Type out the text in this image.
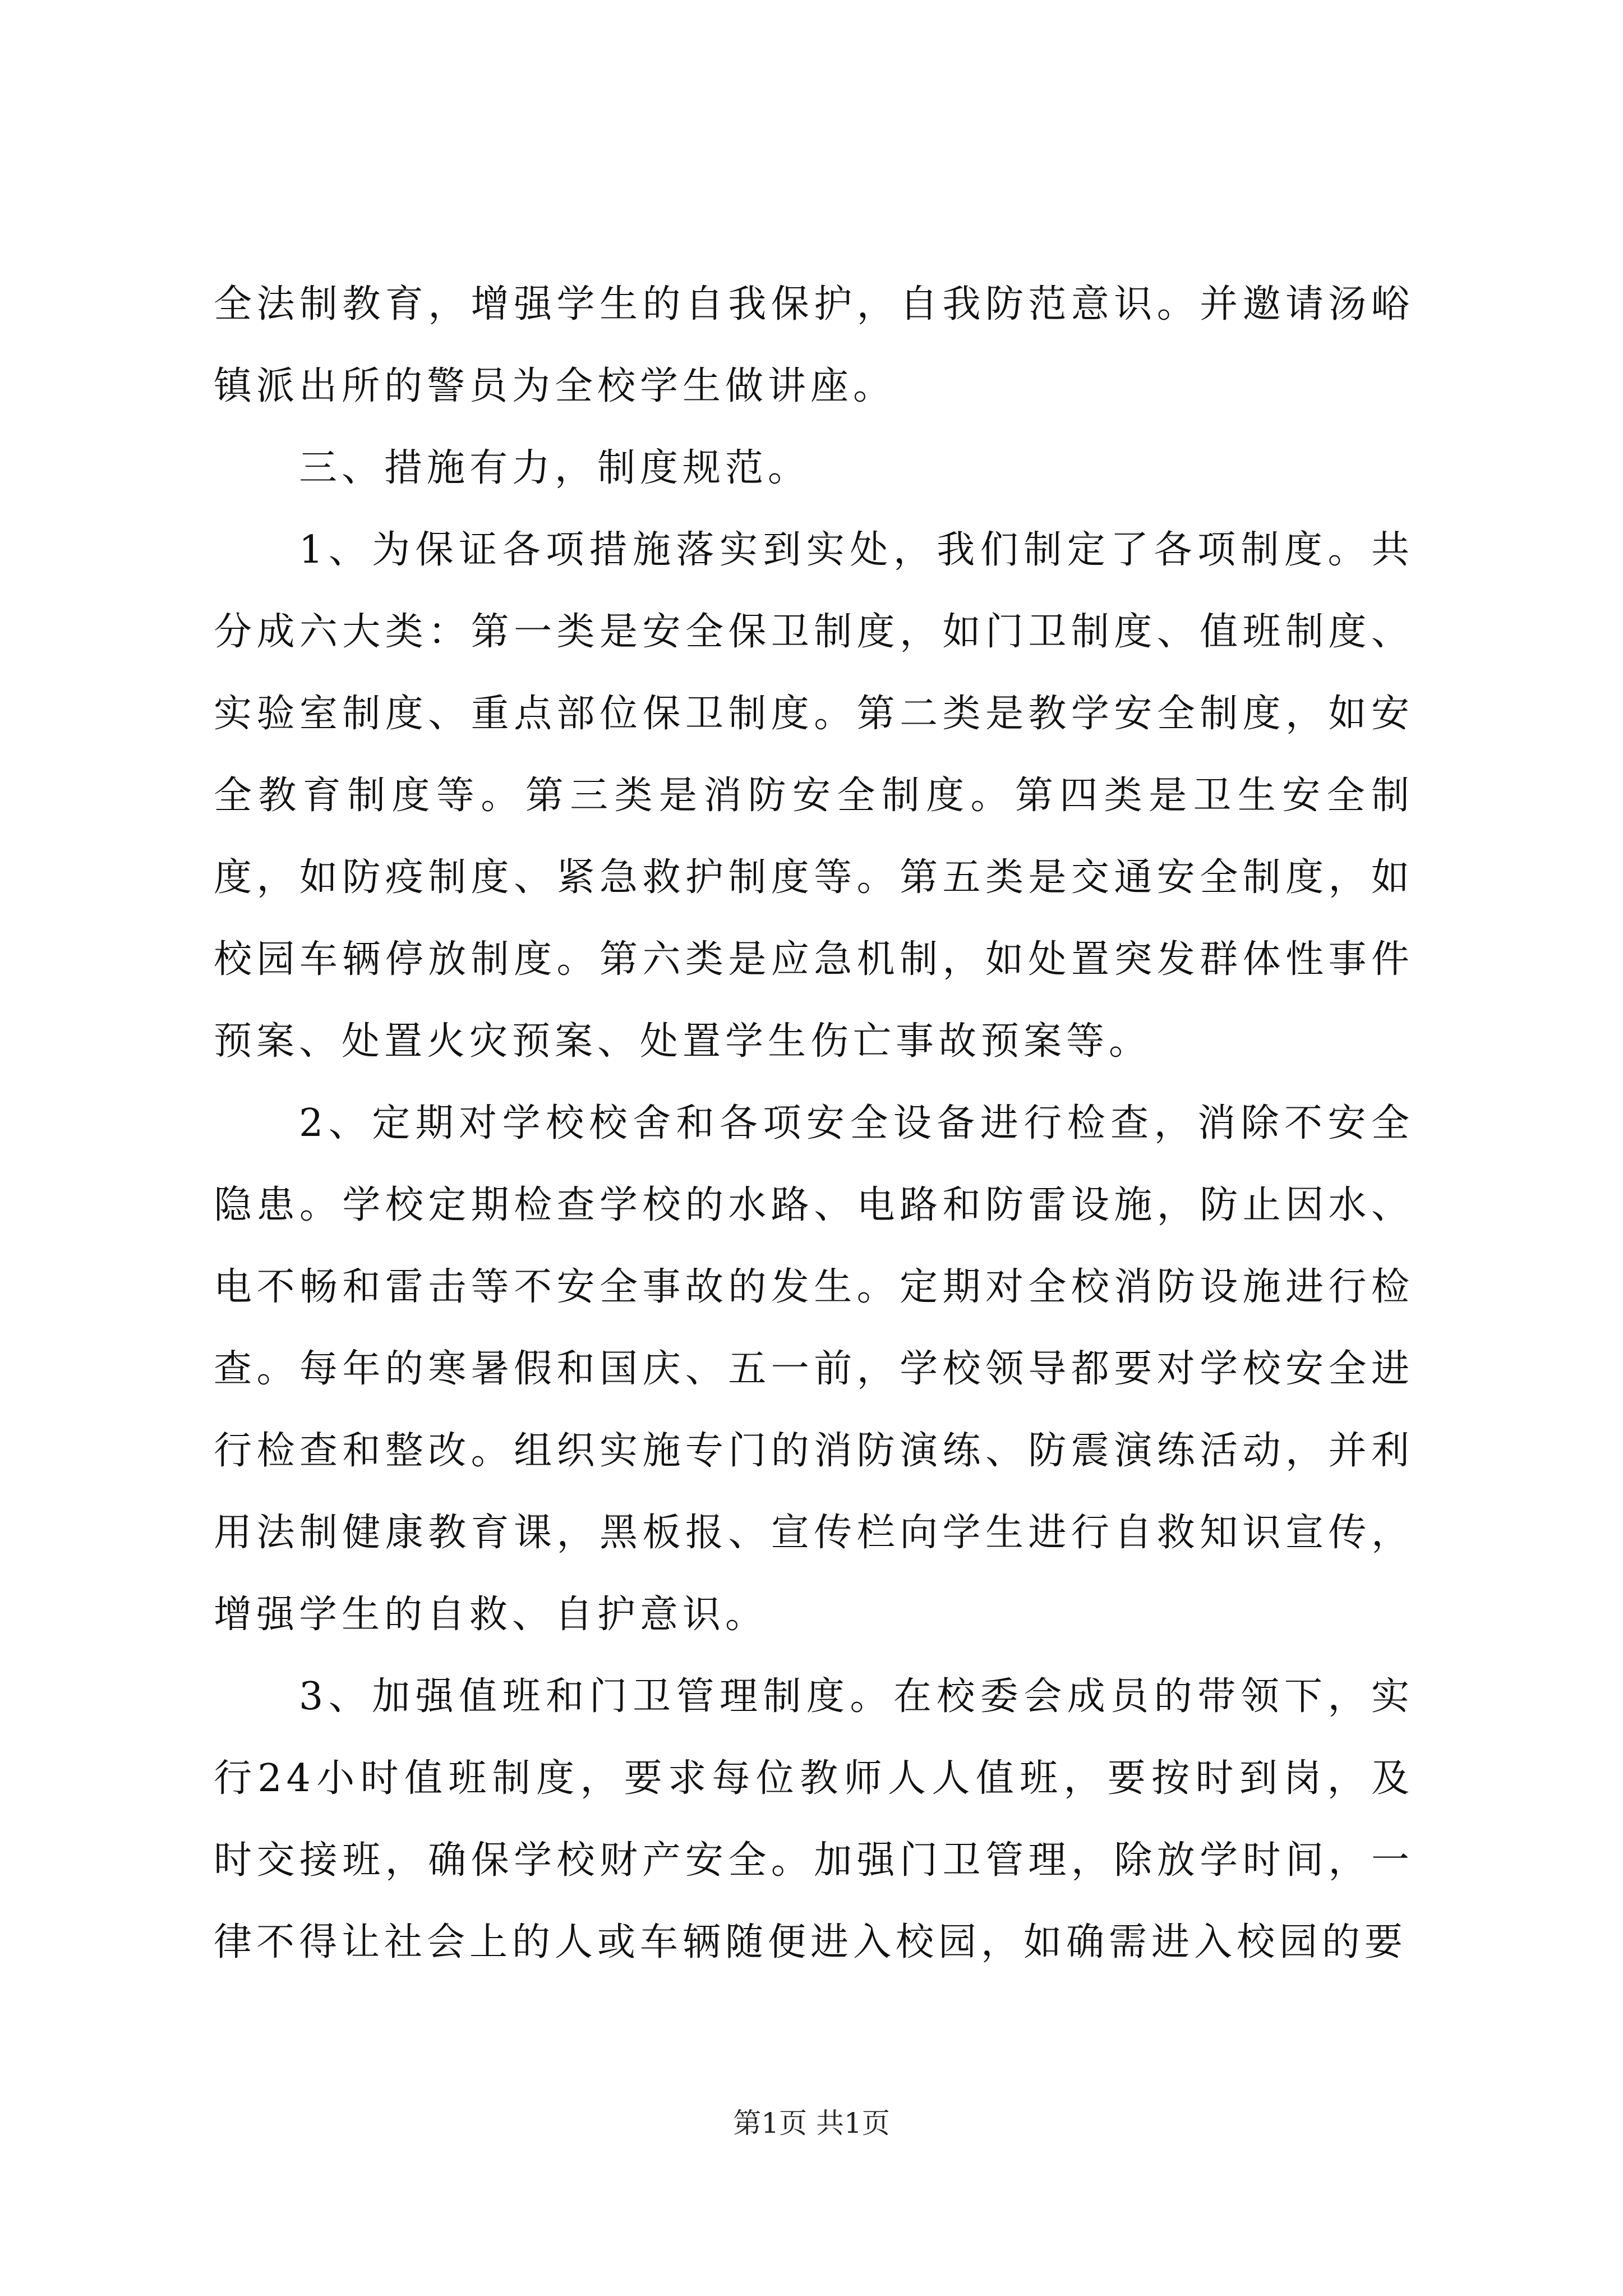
全法制教育，增强学生的自我保护，自我防范意识。并邀请汤峪镇派出所的警员为全校学生做讲座。

三、措施有力，制度规范。

1、为保证各项措施落实到实处，我们制定了各项制度。共分成六大类：第一类是安全保卫制度，如门卫制度、值班制度、实验室制度、重点部位保卫制度。第二类是教学安全制度，如安全教育制度等。第三类是消防安全制度。第四类是卫生安全制度，如防疫制度、紧急救护制度等。第五类是交通安全制度，如校园车辆停放制度。第六类是应急机制，如处置突发群体性事件预案、处置火灾预案、处置学生伤亡事故预案等。

2、定期对学校校舍和各项安全设备进行检查，消除不安全隐患。学校定期检查学校的水路、电路和防雷设施，防止因水、电不畅和雷击等不安全事故的发生。定期对全校消防设施进行检查。每年的寒暑假和国庆、五一前，学校领导都要对学校安全进行检查和整改。组织实施专门的消防演练、防震演练活动，并利用法制健康教育课，黑板报、宣传栏向学生进行自救知识宣传，增强学生的自救、自护意识。

3、加强值班和门卫管理制度。在校委会成员的带领下，实行24小时值班制度，要求每位教师人人值班，要按时到岗，及时交接班，确保学校财产安全。加强门卫管理，除放学时间，一律不得让社会上的人或车辆随便进入校园，如确需进入校园的要

第1页 共1页
